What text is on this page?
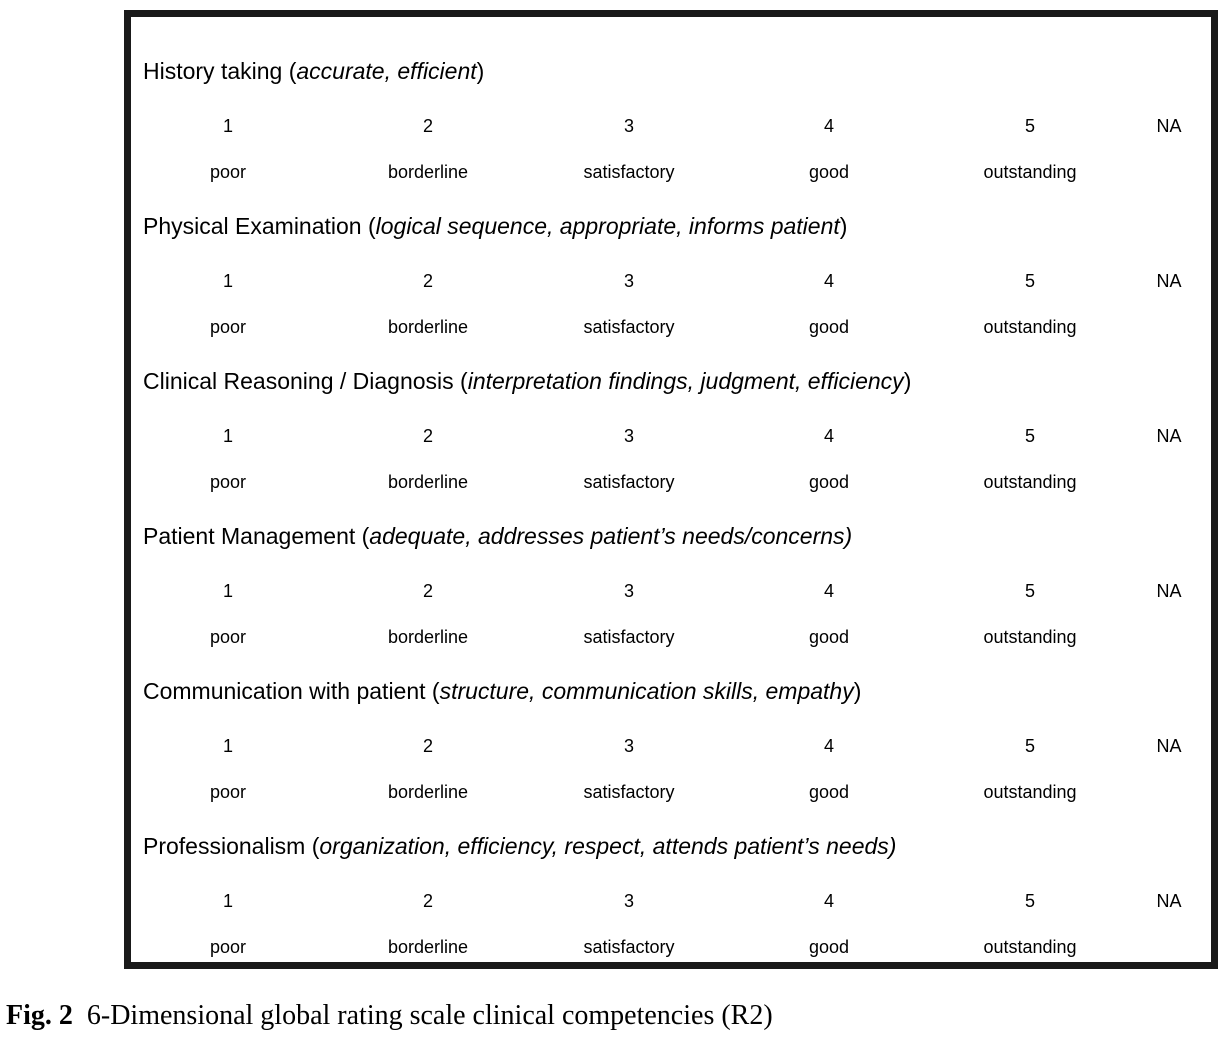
History taking (accurate, efficient)
1	2	3	4	5	NA
poor	borderline	satisfactory	good	outstanding
Physical Examination (logical sequence, appropriate, informs patient)
1	2	3	4	5	NA
poor	borderline	satisfactory	good	outstanding
Clinical Reasoning / Diagnosis (interpretation findings, judgment, efficiency)
1	2	3	4	5	NA
poor	borderline	satisfactory	good	outstanding
Patient Management (adequate, addresses patient’s needs/concerns)
1	2	3	4	5	NA
poor	borderline	satisfactory	good	outstanding
Communication with patient (structure, communication skills, empathy)
1	2	3	4	5	NA
poor	borderline	satisfactory	good	outstanding
Professionalism (organization, efficiency, respect, attends patient’s needs)
1	2	3	4	5	NA
poor	borderline	satisfactory	good	outstanding
Fig. 2 6-Dimensional global rating scale clinical competencies (R2)
